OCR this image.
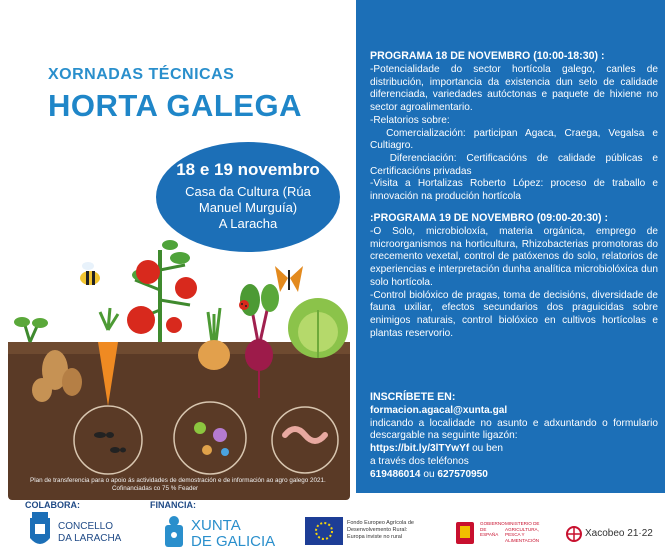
XORNADAS TÉCNICAS
HORTA GALEGA
18 e 19 novembro
Casa da Cultura (Rúa
Manuel Murguía)
A Laracha
Plan de transferencia para o apoio ás actividades de demostración e de información ao agro galego 2021.
Cofinanciadas co 75 % Feader
PROGRAMA 18 DE NOVEMBRO (10:00-18:30) :
-Potencialidade do sector hortícola galego, canles de distribución, importancia da existencia dun selo de calidade diferenciada, variedades autóctonas e paquete de hixiene no sector agroalimentario.
-Relatorios sobre:
Comercialización: participan Agaca, Craega, Vegalsa e Cultiagro.
Diferenciación: Certificacións de calidade públicas e Certificacións privadas
-Visita a Hortalizas Roberto López: proceso de traballo e innovación na produción hortícola
:PROGRAMA 19 DE NOVEMBRO (09:00-20:30) :
-O Solo, microbioloxía, materia orgánica, emprego de microorganismos na horticultura, Rhizobacterias promotoras do crecemento vexetal, control de patóxenos do solo, relatorios de experiencias e interpretación dunha analítica microbiolóxica dun solo hortícola.
-Control biolóxico de pragas, toma de decisións, diversidade de fauna uxiliar, efectos secundarios dos praguicidas sobre enimigos naturais, control biolóxico en cultivos hortícolas e plantas reservorio.
INSCRÍBETE EN:
formacion.agacal@xunta.gal
indicando a localidade no asunto e adxuntando o formulario descargable na seguinte ligazón:
https://bit.ly/3lTYwYf ou ben
a través dos teléfonos
619486014 ou 627570950
COLABORA:	FINANCIA:
CONCELLO
DA LARACHA
XUNTA
DE GALICIA
Fondo Europeo Agrícola de
Desenvolvemento Rural:
Europa inviste no rural
GOBIERNO DE ESPAÑA
MINISTERIO DE AGRICULTURA, PESCA Y ALIMENTACIÓN
Xacobeo 21·22
